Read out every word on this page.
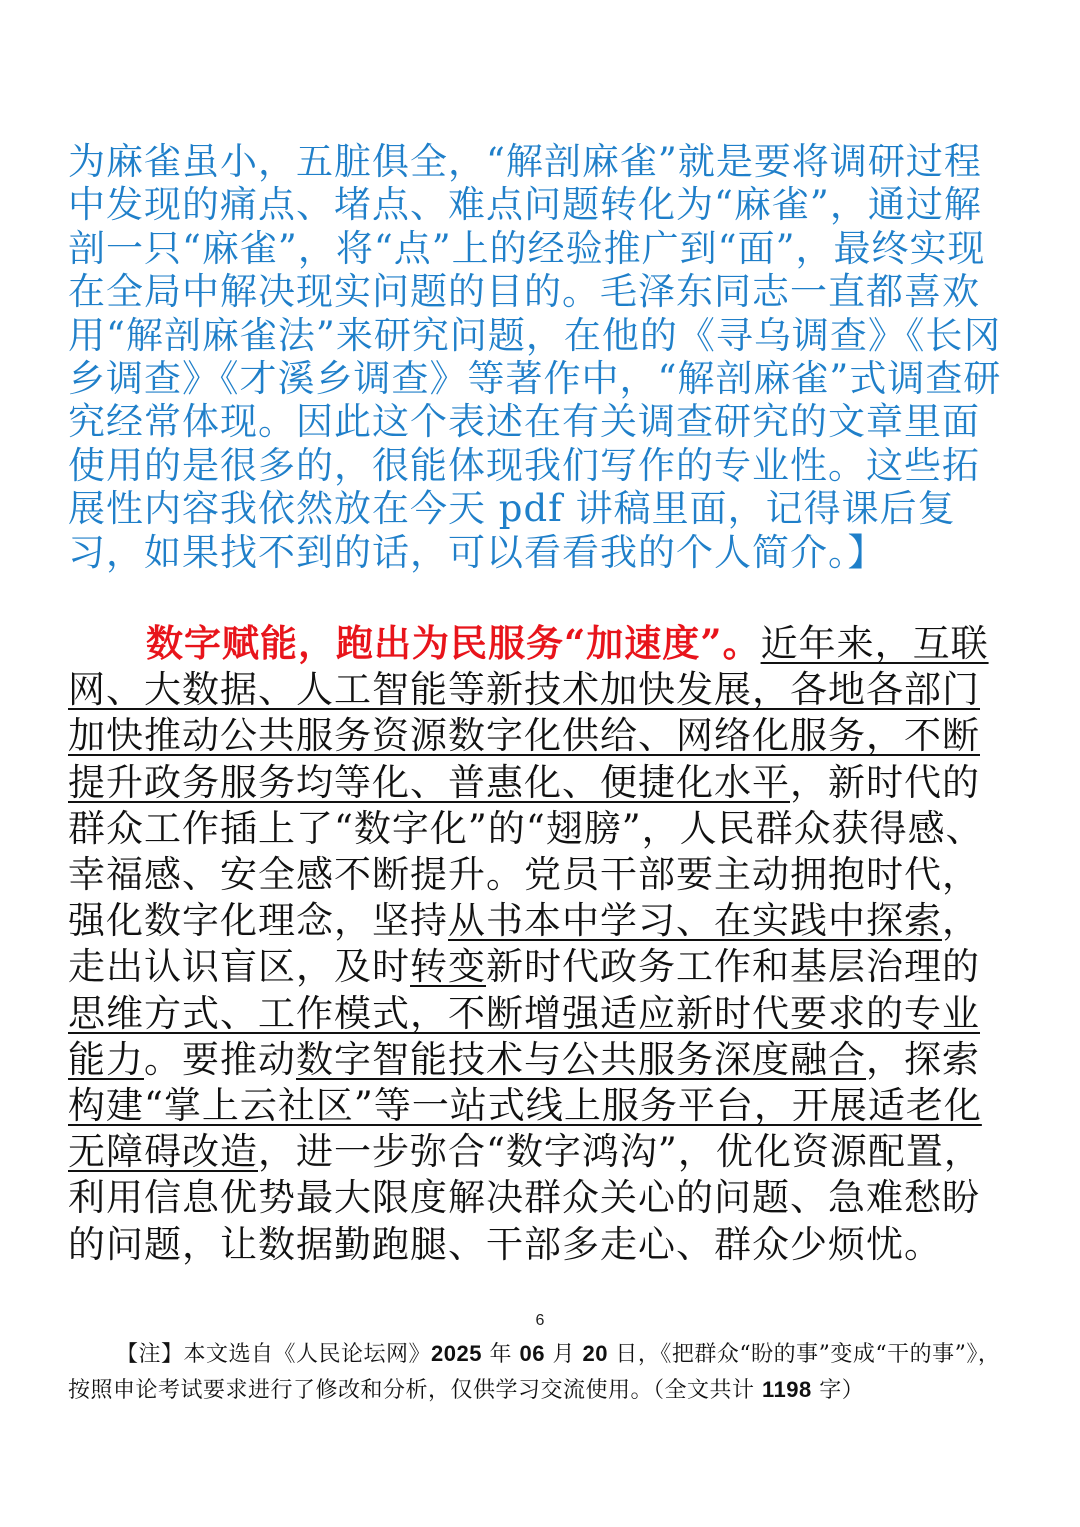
为麻雀虽小，五脏俱全，“解剖麻雀”就是要将调研过程中发现的痛点、堵点、难点问题转化为“麻雀”，通过解剖一只“麻雀”，将“点”上的经验推广到“面”，最终实现在全局中解决现实问题的目的。毛泽东同志一直都喜欢用“解剖麻雀法”来研究问题，在他的《寻乌调查》《长冈乡调查》《才溪乡调查》等著作中，“解剖麻雀”式调查研究经常体现。因此这个表述在有关调查研究的文章里面使用的是很多的，很能体现我们写作的专业性。这些拓展性内容我依然放在今天 pdf 讲稿里面，记得课后复习，如果找不到的话，可以看看我的个人简介。】

数字赋能，跑出为民服务“加速度”。近年来，互联网、大数据、人工智能等新技术加快发展，各地各部门加快推动公共服务资源数字化供给、网络化服务，不断提升政务服务均等化、普惠化、便捷化水平，新时代的群众工作插上了“数字化”的“翅膀”，人民群众获得感、幸福感、安全感不断提升。党员干部要主动拥抱时代，强化数字化理念，坚持从书本中学习、在实践中探索，走出认识盲区，及时转变新时代政务工作和基层治理的思维方式、工作模式，不断增强适应新时代要求的专业能力。要推动数字智能技术与公共服务深度融合，探索构建“掌上云社区”等一站式线上服务平台，开展适老化无障碍改造，进一步弥合“数字鸿沟”，优化资源配置，利用信息优势最大限度解决群众关心的问题、急难愁盼的问题，让数据勤跑腿、干部多走心、群众少烦忧。

6

【注】本文选自《人民论坛网》2025 年 06 月 20 日，《把群众“盼的事”变成“干的事”》，按照申论考试要求进行了修改和分析，仅供学习交流使用。（全文共计 1198 字）
